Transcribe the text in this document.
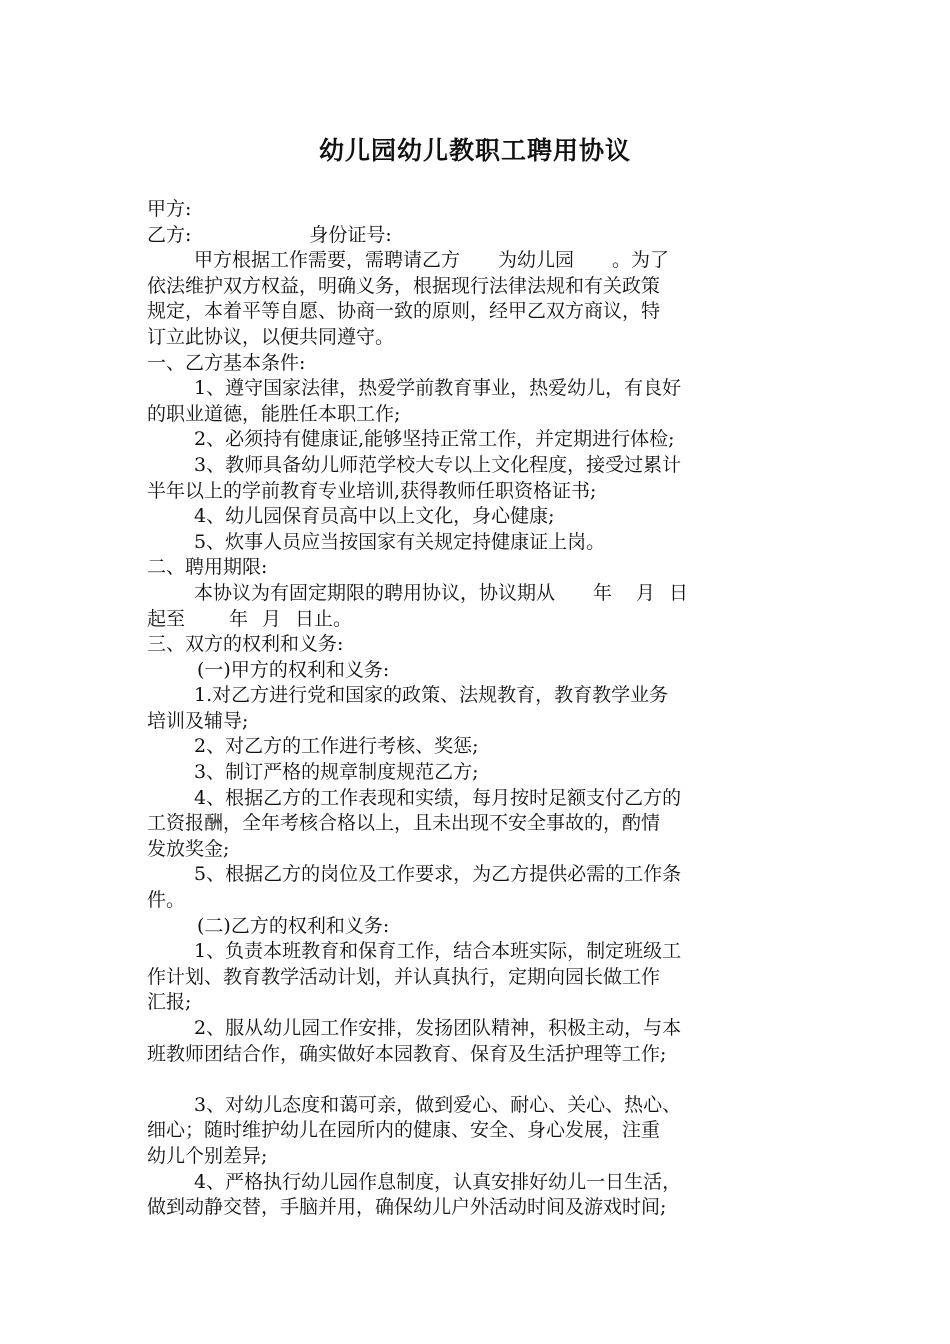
幼儿园幼儿教职工聘用协议
甲方:
乙方:	身份证号:
甲方根据工作需要，需聘请乙方 为幼儿园 。为了
依法维护双方权益，明确义务，根据现行法律法规和有关政策
规定，本着平等自愿、协商一致的原则，经甲乙双方商议，特
订立此协议，以便共同遵守。
一、乙方基本条件:
1、遵守国家法律，热爱学前教育事业，热爱幼儿，有良好
的职业道德，能胜任本职工作;
2、必须持有健康证,能够坚持正常工作，并定期进行体检;
3、教师具备幼儿师范学校大专以上文化程度，接受过累计
半年以上的学前教育专业培训,获得教师任职资格证书;
4、幼儿园保育员高中以上文化，身心健康;
5、炊事人员应当按国家有关规定持健康证上岗。
二、聘用期限:
本协议为有固定期限的聘用协议，协议期从 年 月 日
起至 年 月 日止。
三、双方的权利和义务:
(一)甲方的权利和义务:
1.对乙方进行党和国家的政策、法规教育，教育教学业务
培训及辅导;
2、对乙方的工作进行考核、奖惩;
3、制订严格的规章制度规范乙方;
4、根据乙方的工作表现和实绩，每月按时足额支付乙方的
工资报酬，全年考核合格以上，且未出现不安全事故的，酌情
发放奖金;
5、根据乙方的岗位及工作要求，为乙方提供必需的工作条
件。
(二)乙方的权利和义务:
1、负责本班教育和保育工作，结合本班实际，制定班级工
作计划、教育教学活动计划，并认真执行，定期向园长做工作
汇报;
2、服从幼儿园工作安排，发扬团队精神，积极主动，与本
班教师团结合作，确实做好本园教育、保育及生活护理等工作;
3、对幼儿态度和蔼可亲，做到爱心、耐心、关心、热心、
细心；随时维护幼儿在园所内的健康、安全、身心发展，注重
幼儿个别差异;
4、严格执行幼儿园作息制度，认真安排好幼儿一日生活，
做到动静交替，手脑并用，确保幼儿户外活动时间及游戏时间;
